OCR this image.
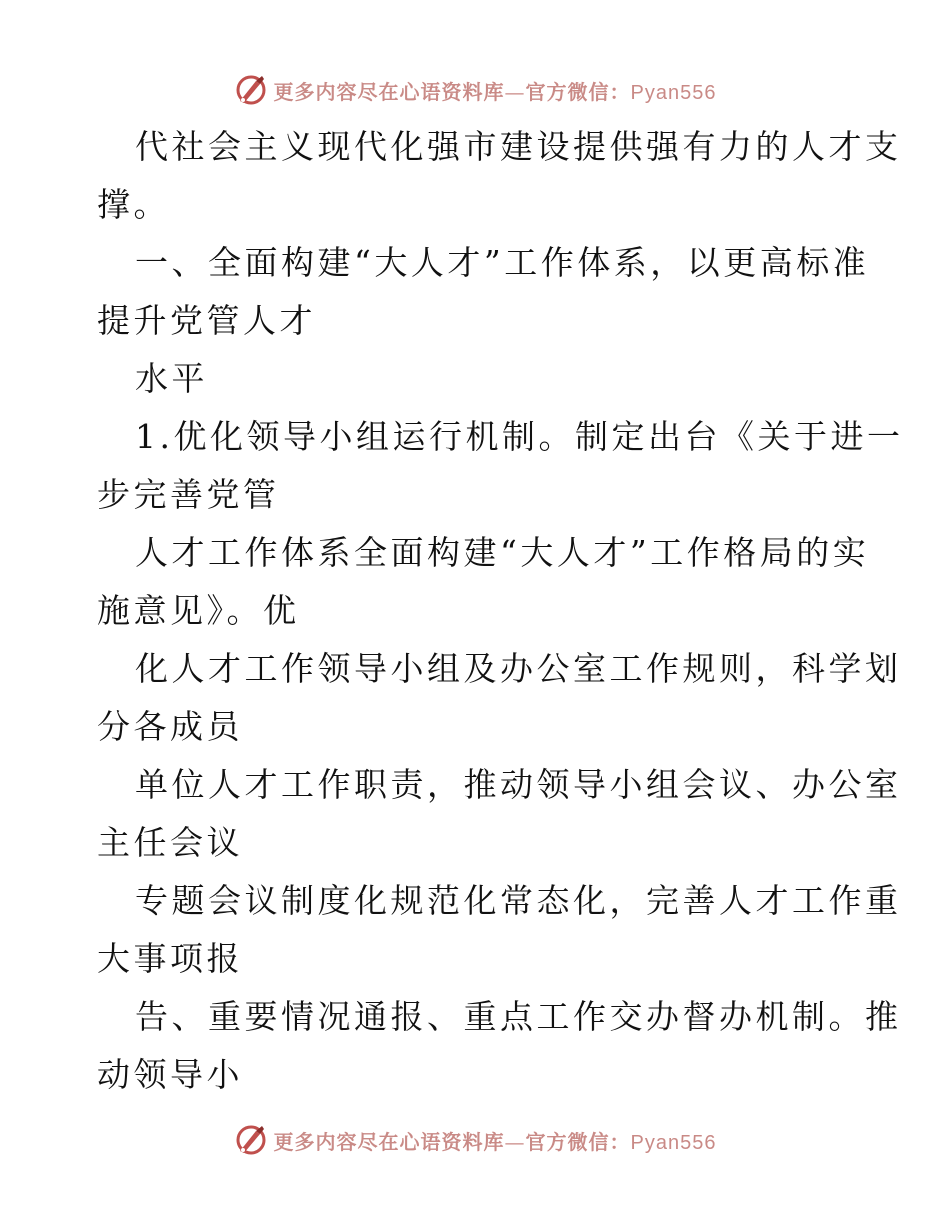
更多内容尽在心语资料库—官方微信：Pyan556
代社会主义现代化强市建设提供强有力的人才支
撑。
一、全面构建“大人才”工作体系，以更高标准
提升党管人才
水平
1.优化领导小组运行机制。制定出台《关于进一
步完善党管
人才工作体系全面构建“大人才”工作格局的实
施意见》。优
化人才工作领导小组及办公室工作规则，科学划
分各成员
单位人才工作职责，推动领导小组会议、办公室
主任会议
专题会议制度化规范化常态化，完善人才工作重
大事项报
告、重要情况通报、重点工作交办督办机制。推
动领导小
更多内容尽在心语资料库—官方微信：Pyan556
